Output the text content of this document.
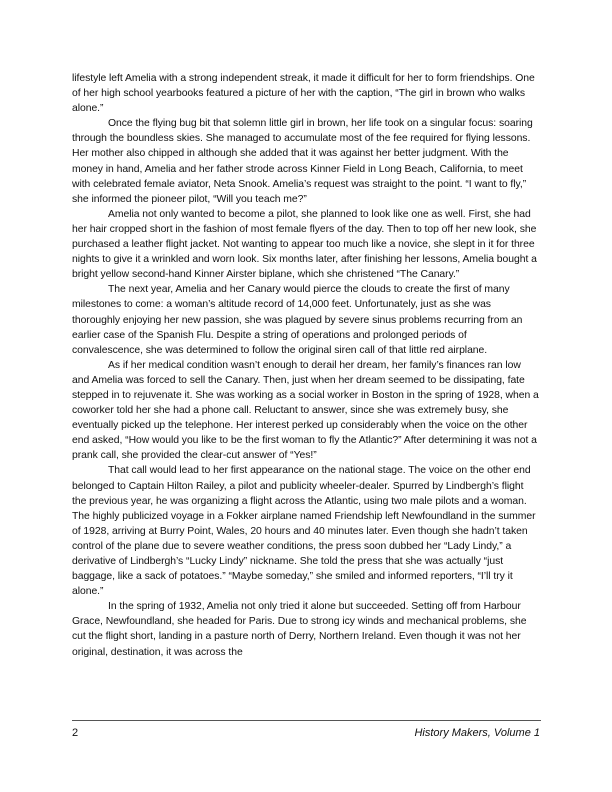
lifestyle left Amelia with a strong independent streak, it made it difficult for her to form friendships. One of her high school yearbooks featured a picture of her with the caption, “The girl in brown who walks alone.”

Once the flying bug bit that solemn little girl in brown, her life took on a singular focus: soaring through the boundless skies. She managed to accumulate most of the fee required for flying lessons. Her mother also chipped in although she added that it was against her better judgment. With the money in hand, Amelia and her father strode across Kinner Field in Long Beach, California, to meet with celebrated female aviator, Neta Snook. Amelia’s request was straight to the point. “I want to fly,” she informed the pioneer pilot, “Will you teach me?”

Amelia not only wanted to become a pilot, she planned to look like one as well. First, she had her hair cropped short in the fashion of most female flyers of the day. Then to top off her new look, she purchased a leather flight jacket. Not wanting to appear too much like a novice, she slept in it for three nights to give it a wrinkled and worn look. Six months later, after finishing her lessons, Amelia bought a bright yellow second-hand Kinner Airster biplane, which she christened “The Canary.”

The next year, Amelia and her Canary would pierce the clouds to create the first of many milestones to come: a woman’s altitude record of 14,000 feet. Unfortunately, just as she was thoroughly enjoying her new passion, she was plagued by severe sinus problems recurring from an earlier case of the Spanish Flu. Despite a string of operations and prolonged periods of convalescence, she was determined to follow the original siren call of that little red airplane.

As if her medical condition wasn’t enough to derail her dream, her family’s finances ran low and Amelia was forced to sell the Canary. Then, just when her dream seemed to be dissipating, fate stepped in to rejuvenate it. She was working as a social worker in Boston in the spring of 1928, when a coworker told her she had a phone call. Reluctant to answer, since she was extremely busy, she eventually picked up the telephone. Her interest perked up considerably when the voice on the other end asked, “How would you like to be the first woman to fly the Atlantic?” After determining it was not a prank call, she provided the clear-cut answer of “Yes!”

That call would lead to her first appearance on the national stage. The voice on the other end belonged to Captain Hilton Railey, a pilot and publicity wheeler-dealer. Spurred by Lindbergh’s flight the previous year, he was organizing a flight across the Atlantic, using two male pilots and a woman. The highly publicized voyage in a Fokker airplane named Friendship left Newfoundland in the summer of 1928, arriving at Burry Point, Wales, 20 hours and 40 minutes later. Even though she hadn’t taken control of the plane due to severe weather conditions, the press soon dubbed her “Lady Lindy,” a derivative of Lindbergh’s “Lucky Lindy” nickname. She told the press that she was actually “just baggage, like a sack of potatoes.” “Maybe someday,” she smiled and informed reporters, “I’ll try it alone.”

In the spring of 1932, Amelia not only tried it alone but succeeded. Setting off from Harbour Grace, Newfoundland, she headed for Paris. Due to strong icy winds and mechanical problems, she cut the flight short, landing in a pasture north of Derry, Northern Ireland. Even though it was not her original, destination, it was across the

2	History Makers, Volume 1
